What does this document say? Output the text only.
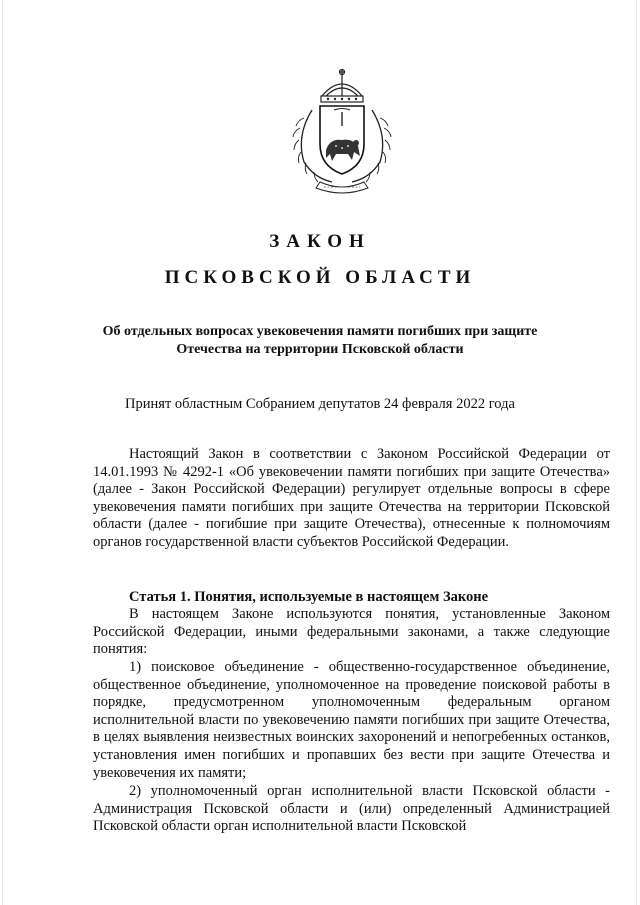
ЗАКОН
ПСКОВСКОЙ ОБЛАСТИ

Об отдельных вопросах увековечения памяти погибших при защите Отечества на территории Псковской области

Принят областным Собранием депутатов 24 февраля 2022 года

Настоящий Закон в соответствии с Законом Российской Федерации от 14.01.1993 № 4292-1 «Об увековечении памяти погибших при защите Отечества» (далее - Закон Российской Федерации) регулирует отдельные вопросы в сфере увековечения памяти погибших при защите Отечества на территории Псковской области (далее - погибшие при защите Отечества), отнесенные к полномочиям органов государственной власти субъектов Российской Федерации.

Статья 1. Понятия, используемые в настоящем Законе

В настоящем Законе используются понятия, установленные Законом Российской Федерации, иными федеральными законами, а также следующие понятия:

1) поисковое объединение - общественно-государственное объединение, общественное объединение, уполномоченное на проведение поисковой работы в порядке, предусмотренном уполномоченным федеральным органом исполнительной власти по увековечению памяти погибших при защите Отечества, в целях выявления неизвестных воинских захоронений и непогребенных останков, установления имен погибших и пропавших без вести при защите Отечества и увековечения их памяти;

2) уполномоченный орган исполнительной власти Псковской области - Администрация Псковской области и (или) определенный Администрацией Псковской области орган исполнительной власти Псковской
